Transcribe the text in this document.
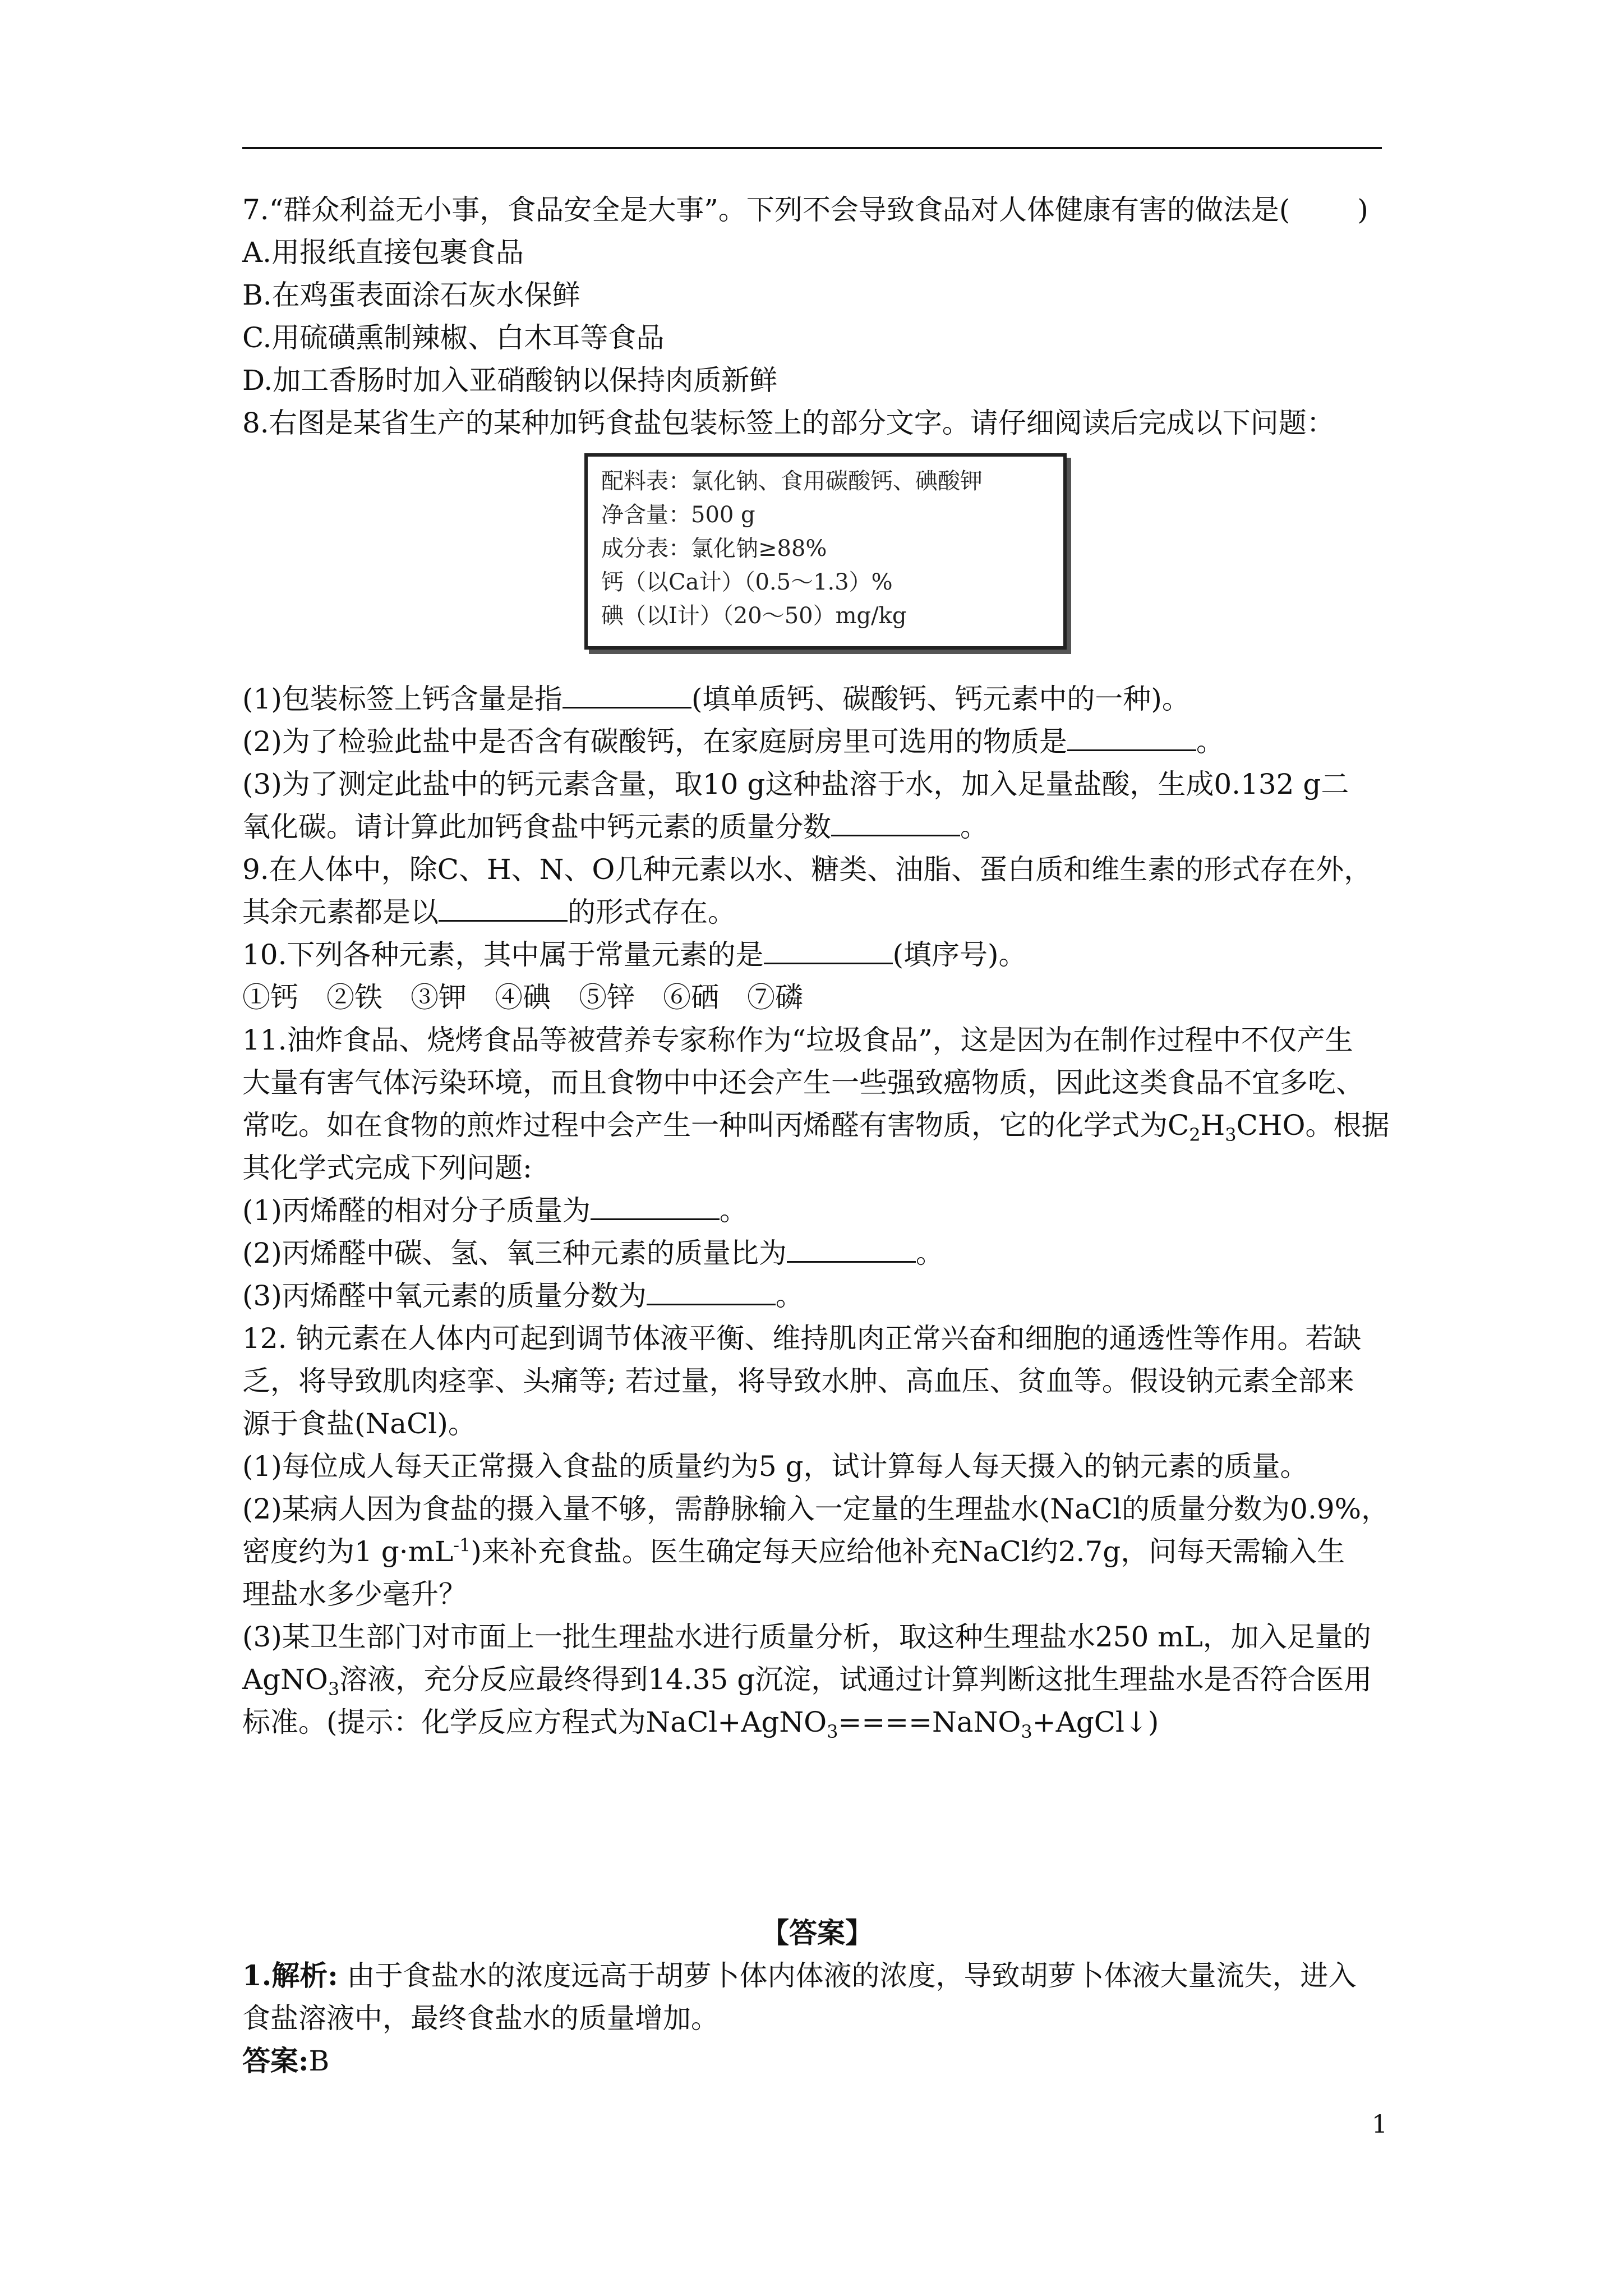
7.“群众利益无小事，食品安全是大事”。下列不会导致食品对人体健康有害的做法是( )

A.用报纸直接包裹食品

B.在鸡蛋表面涂石灰水保鲜

C.用硫磺熏制辣椒、白木耳等食品

D.加工香肠时加入亚硝酸钠以保持肉质新鲜

8.右图是某省生产的某种加钙食盐包装标签上的部分文字。请仔细阅读后完成以下问题：

配料表：氯化钠、食用碳酸钙、碘酸钾

净含量：500 g

成分表：氯化钠≥88%

钙（以Ca计）（0.5～1.3）%

碘（以I计）（20～50）mg/kg

(1)包装标签上钙含量是指	(填单质钙、碳酸钙、钙元素中的一种)。

(2)为了检验此盐中是否含有碳酸钙，在家庭厨房里可选用的物质是	。

(3)为了测定此盐中的钙元素含量，取10 g这种盐溶于水，加入足量盐酸，生成0.132 g二

氧化碳。请计算此加钙食盐中钙元素的质量分数	。

9.在人体中，除C、H、N、O几种元素以水、糖类、油脂、蛋白质和维生素的形式存在外，

其余元素都是以	的形式存在。

10.下列各种元素，其中属于常量元素的是	(填序号)。

①钙　②铁　③钾　④碘　⑤锌　⑥硒　⑦磷

11.油炸食品、烧烤食品等被营养专家称作为“垃圾食品”，这是因为在制作过程中不仅产生

大量有害气体污染环境，而且食物中中还会产生一些强致癌物质，因此这类食品不宜多吃、

常吃。如在食物的煎炸过程中会产生一种叫丙烯醛有害物质，它的化学式为$C_2H_3CHO$。根据

其化学式完成下列问题:

(1)丙烯醛的相对分子质量为	。

(2)丙烯醛中碳、氢、氧三种元素的质量比为	。

(3)丙烯醛中氧元素的质量分数为	。

12. 钠元素在人体内可起到调节体液平衡、维持肌肉正常兴奋和细胞的通透性等作用。若缺

乏，将导致肌肉痉挛、头痛等; 若过量，将导致水肿、高血压、贫血等。假设钠元素全部来

源于食盐(NaCl)。

(1)每位成人每天正常摄入食盐的质量约为5 g，试计算每人每天摄入的钠元素的质量。

(2)某病人因为食盐的摄入量不够，需静脉输入一定量的生理盐水(NaCl的质量分数为0.9%，

密度约为1 $g\cdot mL^{-1}$)来补充食盐。医生确定每天应给他补充NaCl约2.7g，问每天需输入生

理盐水多少毫升？

(3)某卫生部门对市面上一批生理盐水进行质量分析，取这种生理盐水250 mL，加入足量的

AgNO$_3$溶液，充分反应最终得到14.35 g沉淀，试通过计算判断这批生理盐水是否符合医用

标准。(提示：化学反应方程式为NaCl+AgNO$_3$====NaNO$_3$+AgCl↓)

【答案】

1.解析: 由于食盐水的浓度远高于胡萝卜体内体液的浓度，导致胡萝卜体液大量流失，进入

食盐溶液中，最终食盐水的质量增加。

答案:B

1
